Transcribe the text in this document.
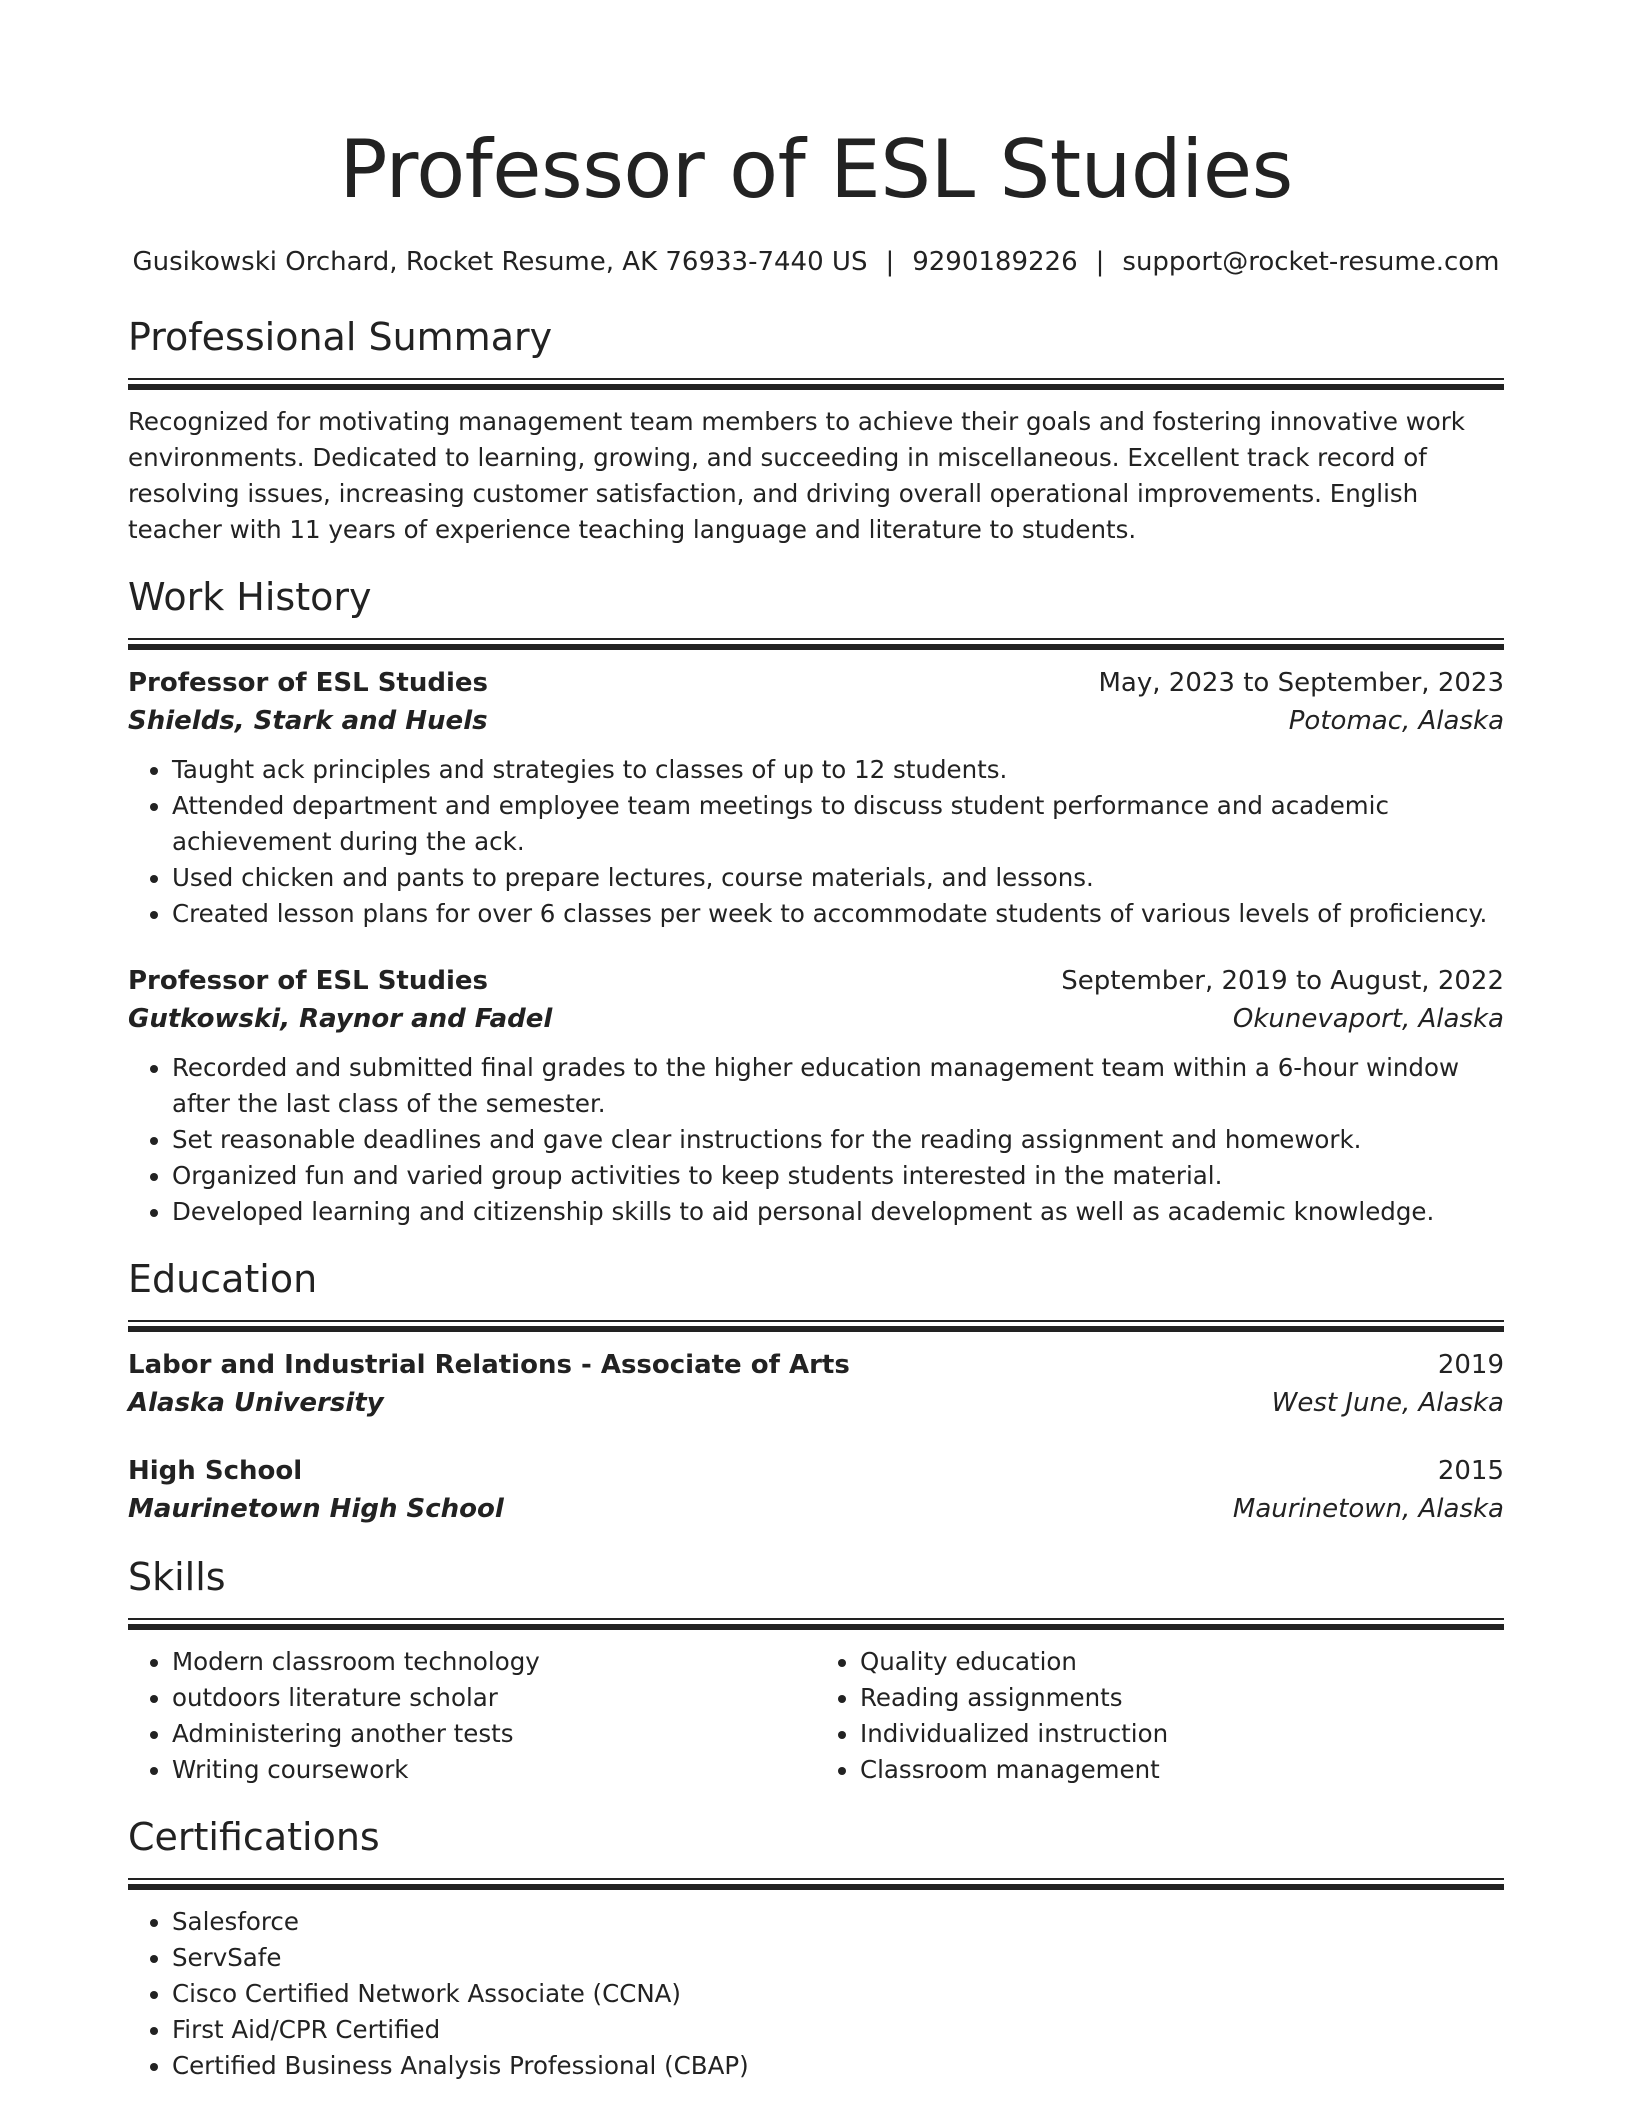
Professor of ESL Studies
Gusikowski Orchard, Rocket Resume, AK 76933-7440 US | 9290189226 | support@rocket-resume.com
Professional Summary

Recognized for motivating management team members to achieve their goals and fostering innovative work environments. Dedicated to learning, growing, and succeeding in miscellaneous. Excellent track record of resolving issues, increasing customer satisfaction, and driving overall operational improvements. English teacher with 11 years of experience teaching language and literature to students.

Work History
Professor of ESL Studies	May, 2023 to September, 2023
Shields, Stark and Huels	Potomac, Alaska
• Taught ack principles and strategies to classes of up to 12 students.
• Attended department and employee team meetings to discuss student performance and academic achievement during the ack.
• Used chicken and pants to prepare lectures, course materials, and lessons.
• Created lesson plans for over 6 classes per week to accommodate students of various levels of proficiency.
Professor of ESL Studies	September, 2019 to August, 2022
Gutkowski, Raynor and Fadel	Okunevaport, Alaska
• Recorded and submitted final grades to the higher education management team within a 6-hour window after the last class of the semester.
• Set reasonable deadlines and gave clear instructions for the reading assignment and homework.
• Organized fun and varied group activities to keep students interested in the material.
• Developed learning and citizenship skills to aid personal development as well as academic knowledge.
Education
Labor and Industrial Relations - Associate of Arts	2019
Alaska University	West June, Alaska
High School	2015
Maurinetown High School	Maurinetown, Alaska
Skills
• Modern classroom technology
• outdoors literature scholar
• Administering another tests
• Writing coursework
• Quality education
• Reading assignments
• Individualized instruction
• Classroom management
Certifications
• Salesforce
• ServSafe
• Cisco Certified Network Associate (CCNA)
• First Aid/CPR Certified
• Certified Business Analysis Professional (CBAP)
